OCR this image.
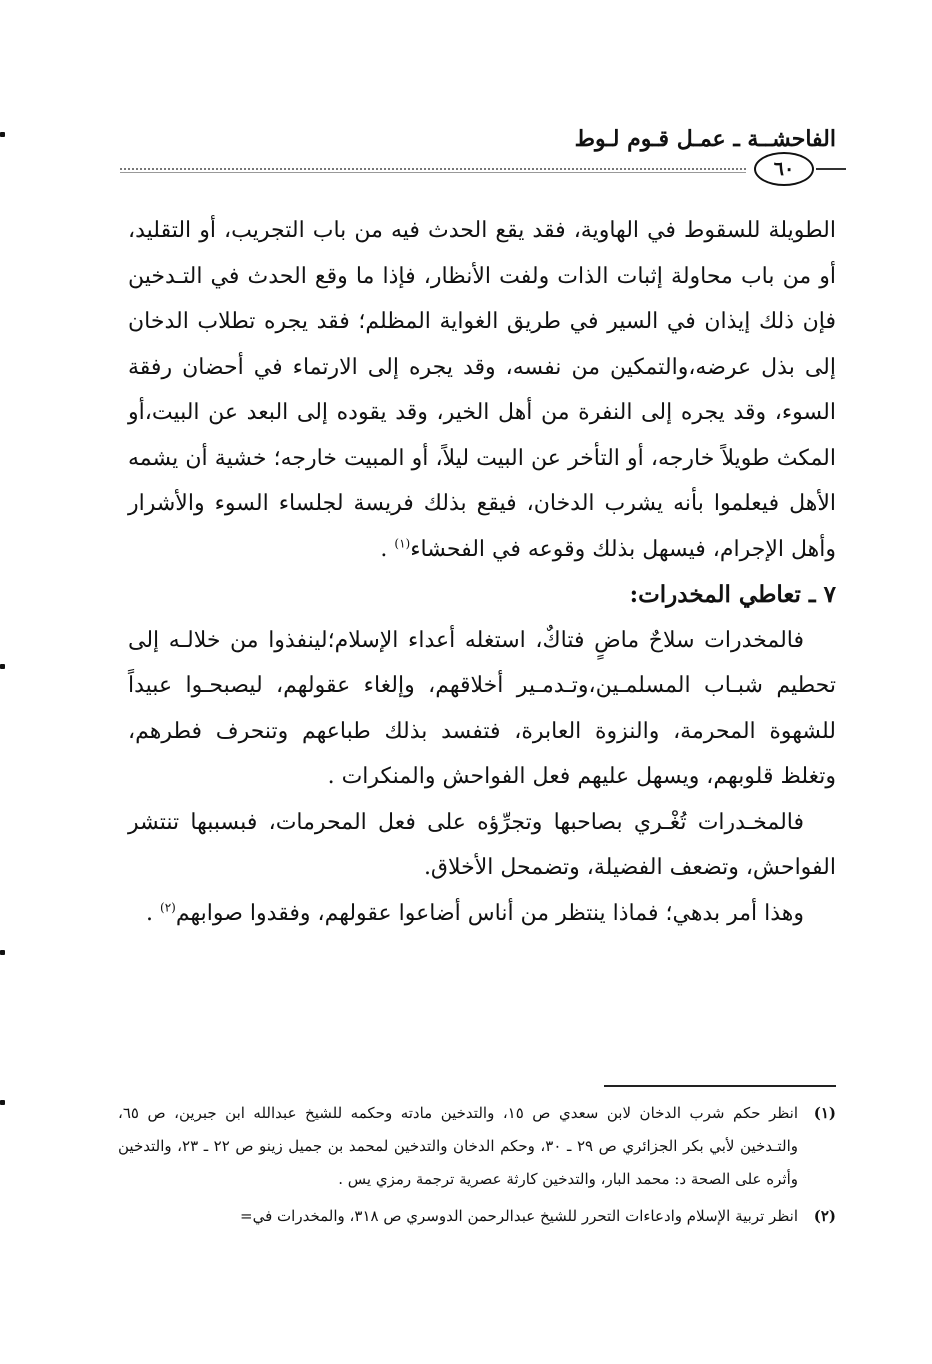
الفاحشــة ـ عمـل قـوم لـوط
٦٠

الطويلة للسقوط في الهاوية، فقد يقع الحدث فيه من باب التجريب، أو التقليد، أو من باب محاولة إثبات الذات ولفت الأنظار، فإذا ما وقع الحدث في التـدخين فإن ذلك إيذان في السير في طريق الغواية المظلم؛ فقد يجره تطلاب الدخان إلى بذل عرضه،والتمكين من نفسه، وقد يجره إلى الارتماء في أحضان رفقة السوء، وقد يجره إلى النفرة من أهل الخير، وقد يقوده إلى البعد عن البيت،أو المكث طويلاً خارجه، أو التأخر عن البيت ليلاً، أو المبيت خارجه؛ خشية أن يشمه الأهل فيعلموا بأنه يشرب الدخان، فيقع بذلك فريسة لجلساء السوء والأشرار وأهل الإجرام، فيسهل بذلك وقوعه في الفحشاء$^{(١)}$ .

٧ ـ تعاطي المخدرات:

فالمخدرات سلاحٌ ماضٍ فتاكٌ، استغله أعداء الإسلام؛لينفذوا من خلالـه إلى تحطيم شبـاب المسلمـين،وتـدمـير أخلاقهم، وإلغاء عقولهم، ليصبحـوا عبيداً للشهوة المحرمة، والنزوة العابرة، فتفسد بذلك طباعهم وتنحرف فطرهم، وتغلظ قلوبهم، ويسهل عليهم فعل الفواحش والمنكرات .

فالمخـدرات تُغْـري بصاحبها وتجرِّؤه على فعل المحرمات، فبسببها تنتشر الفواحش، وتضعف الفضيلة، وتضمحل الأخلاق.

وهذا أمر بدهي؛ فماذا ينتظر من أناس أضاعوا عقولهم، وفقدوا صوابهم$^{(٢)}$ .

(١)
انظر حكم شرب الدخان لابن سعدي ص ١٥، والتدخين مادته وحكمه للشيخ عبدالله ابن جبرين، ص ٦٥، والتـدخين لأبي بكر الجزائري ص ٢٩ ـ ٣٠، وحكم الدخان والتدخين لمحمد بن جميل زينو ص ٢٢ ـ ٢٣، والتدخين وأثره على الصحة د: محمد البار، والتدخين كارثة عصرية ترجمة رمزي يس .
(٢)
انظر تربية الإسلام وادعاءات التحرر للشيخ عبدالرحمن الدوسري ص ٣١٨، والمخدرات في=
